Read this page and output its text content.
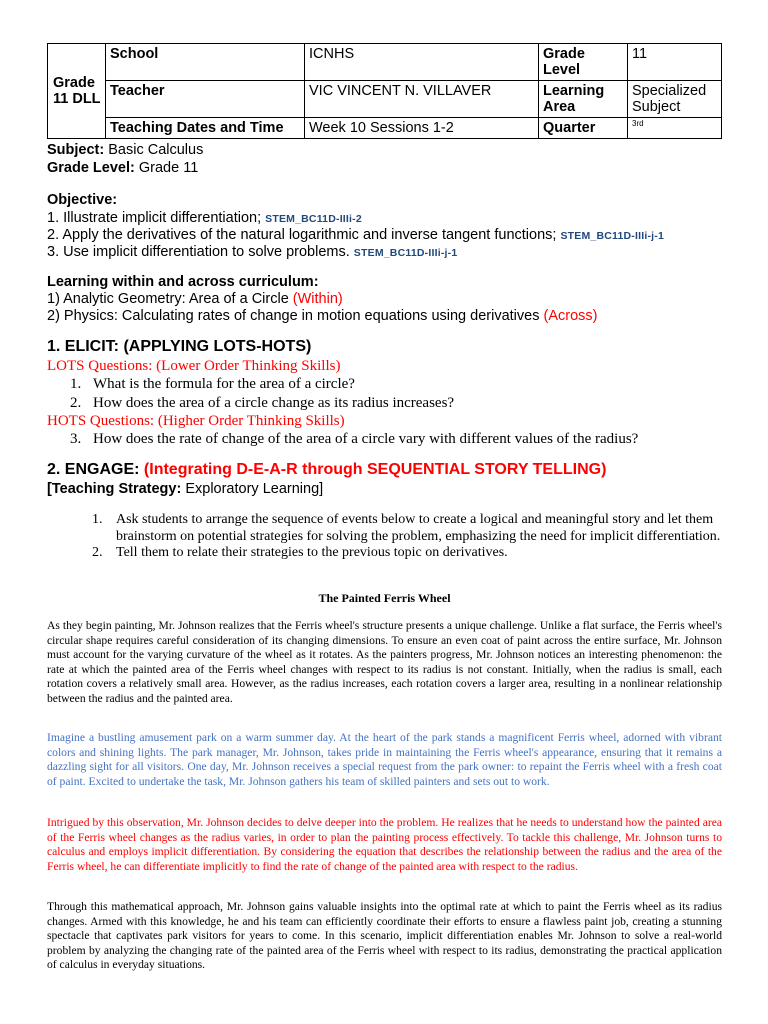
Grade 11 DLL	School	ICNHS	Grade Level	11
	Teacher	VIC VINCENT N. VILLAVER	Learning Area	Specialized Subject
	Teaching Dates and Time	Week 10 Sessions 1-2	Quarter	$^{3rd}$
Subject: Basic Calculus
Grade Level: Grade 11
Objective:
1. Illustrate implicit differentiation; STEM_BC11D-IIIi-2
2. Apply the derivatives of the natural logarithmic and inverse tangent functions; STEM_BC11D-IIIi-j-1
3. Use implicit differentiation to solve problems. STEM_BC11D-IIIi-j-1
Learning within and across curriculum:
1) Analytic Geometry: Area of a Circle (Within)
2) Physics: Calculating rates of change in motion equations using derivatives (Across)
1. ELICIT: (APPLYING LOTS-HOTS)
LOTS Questions: (Lower Order Thinking Skills)
1. What is the formula for the area of a circle?
2. How does the area of a circle change as its radius increases?
HOTS Questions: (Higher Order Thinking Skills)
3. How does the rate of change of the area of a circle vary with different values of the radius?
2. ENGAGE: (Integrating D-E-A-R through SEQUENTIAL STORY TELLING)
[Teaching Strategy: Exploratory Learning]
1. Ask students to arrange the sequence of events below to create a logical and meaningful story and let them brainstorm on potential strategies for solving the problem, emphasizing the need for implicit differentiation.
2. Tell them to relate their strategies to the previous topic on derivatives.
The Painted Ferris Wheel
As they begin painting, Mr. Johnson realizes that the Ferris wheel's structure presents a unique challenge. Unlike a flat surface, the Ferris wheel's circular shape requires careful consideration of its changing dimensions. To ensure an even coat of paint across the entire surface, Mr. Johnson must account for the varying curvature of the wheel as it rotates. As the painters progress, Mr. Johnson notices an interesting phenomenon: the rate at which the painted area of the Ferris wheel changes with respect to its radius is not constant. Initially, when the radius is small, each rotation covers a relatively small area. However, as the radius increases, each rotation covers a larger area, resulting in a nonlinear relationship between the radius and the painted area.
Imagine a bustling amusement park on a warm summer day. At the heart of the park stands a magnificent Ferris wheel, adorned with vibrant colors and shining lights. The park manager, Mr. Johnson, takes pride in maintaining the Ferris wheel's appearance, ensuring that it remains a dazzling sight for all visitors. One day, Mr. Johnson receives a special request from the park owner: to repaint the Ferris wheel with a fresh coat of paint. Excited to undertake the task, Mr. Johnson gathers his team of skilled painters and sets out to work.
Intrigued by this observation, Mr. Johnson decides to delve deeper into the problem. He realizes that he needs to understand how the painted area of the Ferris wheel changes as the radius varies, in order to plan the painting process effectively. To tackle this challenge, Mr. Johnson turns to calculus and employs implicit differentiation. By considering the equation that describes the relationship between the radius and the area of the Ferris wheel, he can differentiate implicitly to find the rate of change of the painted area with respect to the radius.
Through this mathematical approach, Mr. Johnson gains valuable insights into the optimal rate at which to paint the Ferris wheel as its radius changes. Armed with this knowledge, he and his team can efficiently coordinate their efforts to ensure a flawless paint job, creating a stunning spectacle that captivates park visitors for years to come. In this scenario, implicit differentiation enables Mr. Johnson to solve a real-world problem by analyzing the changing rate of the painted area of the Ferris wheel with respect to its radius, demonstrating the practical application of calculus in everyday situations.
